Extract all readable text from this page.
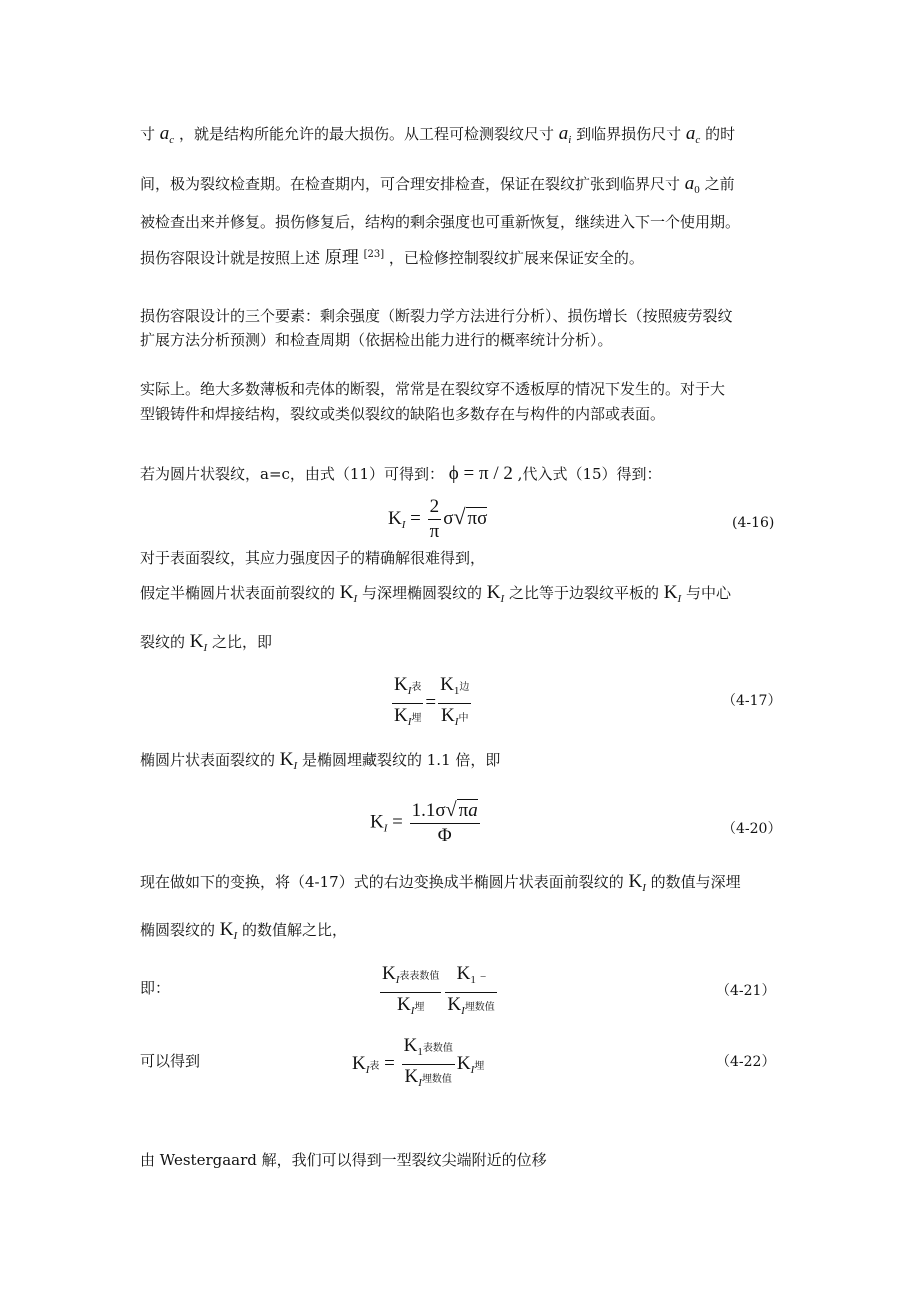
寸 $a_c$ ，就是结构所能允许的最大损伤。从工程可检测裂纹尺寸 $a_i$ 到临界损伤尺寸 $a_c$ 的时
间，极为裂纹检查期。在检查期内，可合理安排检查，保证在裂纹扩张到临界尺寸 $a_0$ 之前
被检查出来并修复。损伤修复后，结构的剩余强度也可重新恢复，继续进入下一个使用期。
损伤容限设计就是按照上述 原理 [23] ，已检修控制裂纹扩展来保证安全的。
损伤容限设计的三个要素：剩余强度（断裂力学方法进行分析）、损伤增长（按照疲劳裂纹
扩展方法分析预测）和检查周期（依据检出能力进行的概率统计分析）。
实际上。绝大多数薄板和壳体的断裂，常常是在裂纹穿不透板厚的情况下发生的。对于大
型锻铸件和焊接结构，裂纹或类似裂纹的缺陷也多数存在与构件的内部或表面。
若为圆片状裂纹，a=c，由式（11）可得到： ϕ = π / 2 ,代入式（15）得到：
$K_I = \frac{2}{\pi} \sigma√$ πσ	(4-16)
对于表面裂纹，其应力强度因子的精确解很难得到，
假定半椭圆片状表面前裂纹的 $K_I$ 与深埋椭圆裂纹的 $K_I$ 之比等于边裂纹平板的 $K_I$ 与中心
裂纹的 $K_I$ 之比，即
$\frac{K_I表}{K_I埋} = \frac{K_1边}{K_I中}$	（4-17）
椭圆片状表面裂纹的 $K_I$ 是椭圆埋藏裂纹的 1.1 倍，即
$K_I = \frac{1.1\sigma√ \pi a}{\Phi}$	（4-20）
现在做如下的变换，将（4-17）式的右边变换成半椭圆片状表面前裂纹的 $K_I$ 的数值与深埋
椭圆裂纹的 $K_I$ 的数值解之比，
即：	$\frac{K_I表表数值}{K_I埋} \frac{K_1 -}{K_I埋数值}$	（4-21）
可以得到	$K_I$表 = $\frac{K_1表数值}{K_I埋数值} K_I$埋	（4-22）
由 Westergaard 解，我们可以得到一型裂纹尖端附近的位移
